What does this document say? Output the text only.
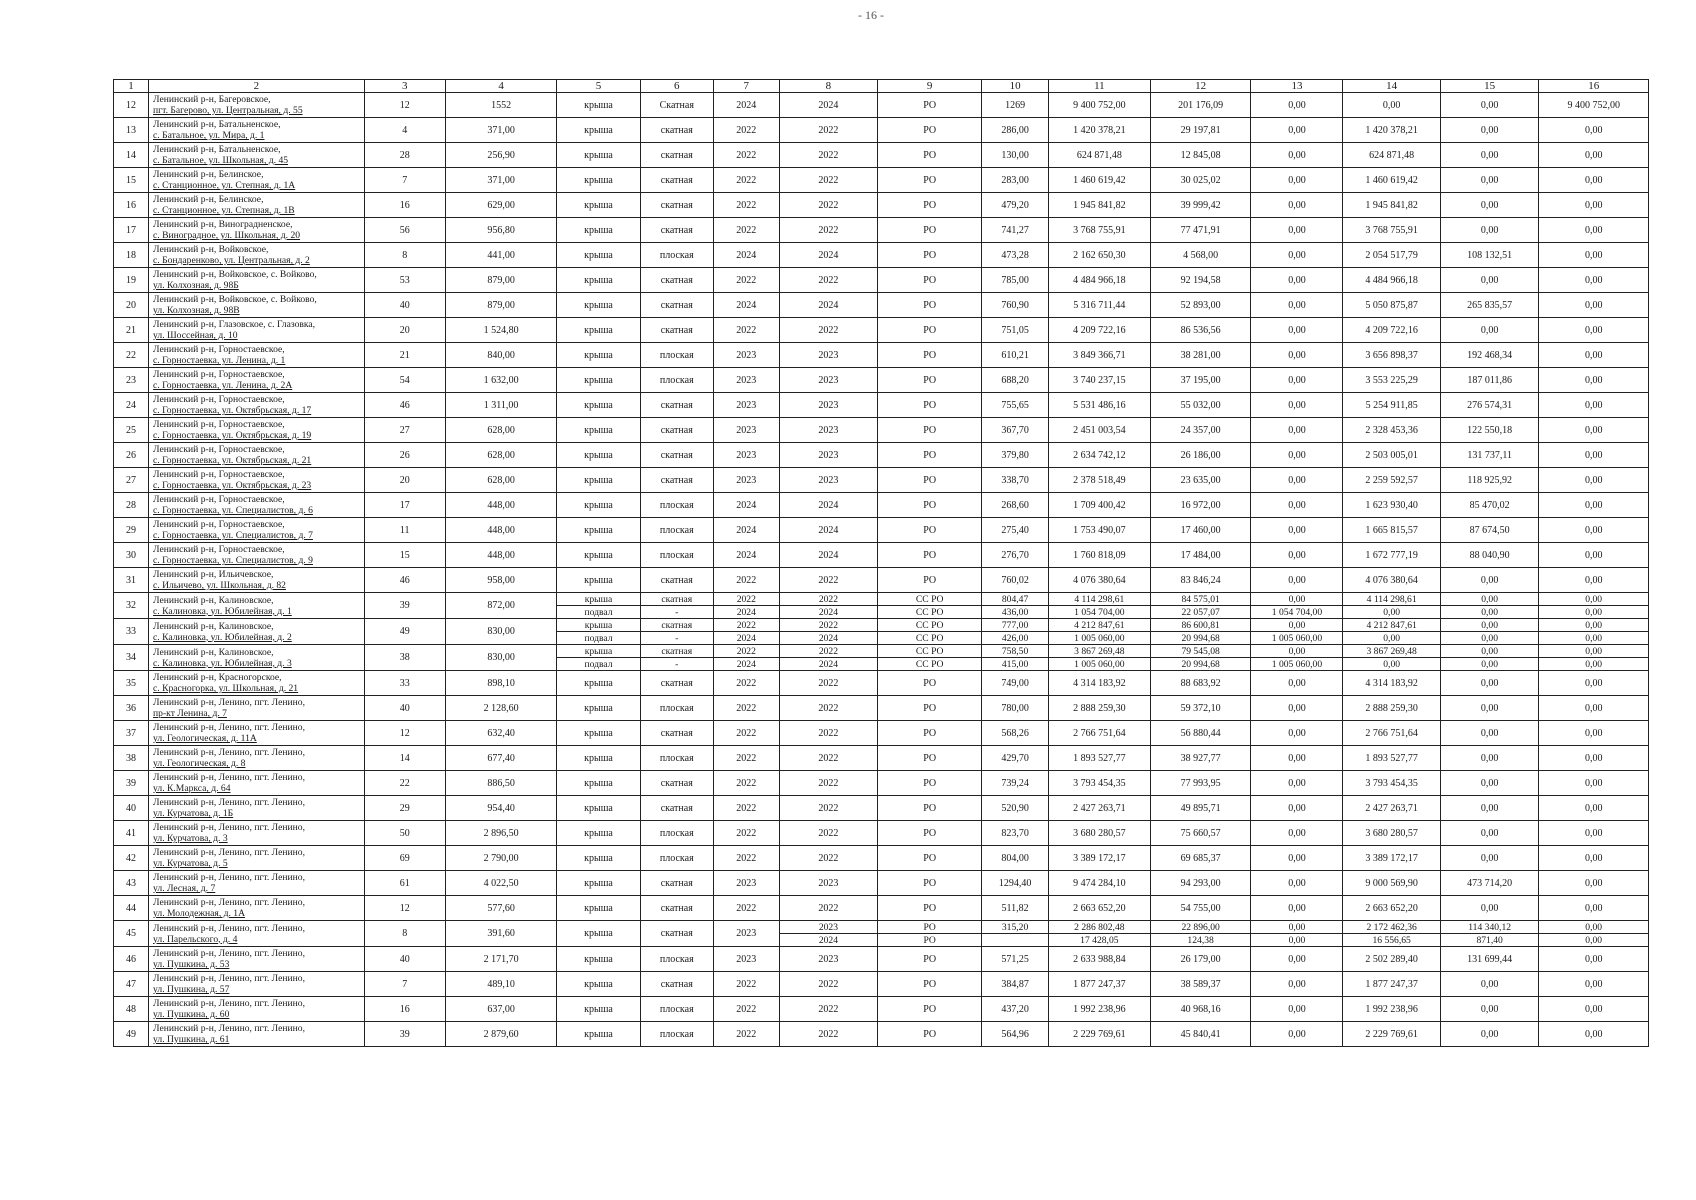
- 16 -
1	2	3	4	5	6	7	8	9	10	11	12	13	14	15	16
12	Ленинский р-н, Багеровское,
пгт. Багерово, ул. Центральная, д. 55	12	1552	крыша	Скатная	2024	2024	РО	1269	9 400 752,00	201 176,09	0,00	0,00	0,00	9 400 752,00
13	Ленинский р-н, Батальненское,
с. Батальное, ул. Мира, д. 1	4	371,00	крыша	скатная	2022	2022	РО	286,00	1 420 378,21	29 197,81	0,00	1 420 378,21	0,00	0,00
14	Ленинский р-н, Батальненское,
с. Батальное, ул. Школьная, д. 45	28	256,90	крыша	скатная	2022	2022	РО	130,00	624 871,48	12 845,08	0,00	624 871,48	0,00	0,00
15	Ленинский р-н, Белинское,
с. Станционное, ул. Степная, д. 1А	7	371,00	крыша	скатная	2022	2022	РО	283,00	1 460 619,42	30 025,02	0,00	1 460 619,42	0,00	0,00
16	Ленинский р-н, Белинское,
с. Станционное, ул. Степная, д. 1В	16	629,00	крыша	скатная	2022	2022	РО	479,20	1 945 841,82	39 999,42	0,00	1 945 841,82	0,00	0,00
17	Ленинский р-н, Виноградненское,
с. Виноградное, ул. Школьная, д. 20	56	956,80	крыша	скатная	2022	2022	РО	741,27	3 768 755,91	77 471,91	0,00	3 768 755,91	0,00	0,00
18	Ленинский р-н, Войковское,
с. Бондаренково, ул. Центральная, д. 2	8	441,00	крыша	плоская	2024	2024	РО	473,28	2 162 650,30	4 568,00	0,00	2 054 517,79	108 132,51	0,00
19	Ленинский р-н, Войковское, с. Войково,
ул. Колхозная, д. 98Б	53	879,00	крыша	скатная	2022	2022	РО	785,00	4 484 966,18	92 194,58	0,00	4 484 966,18	0,00	0,00
20	Ленинский р-н, Войковское, с. Войково,
ул. Колхозная, д. 98В	40	879,00	крыша	скатная	2024	2024	РО	760,90	5 316 711,44	52 893,00	0,00	5 050 875,87	265 835,57	0,00
21	Ленинский р-н, Глазовское, с. Глазовка,
ул. Шоссейная, д. 10	20	1 524,80	крыша	скатная	2022	2022	РО	751,05	4 209 722,16	86 536,56	0,00	4 209 722,16	0,00	0,00
22	Ленинский р-н, Горностаевское,
с. Горностаевка, ул. Ленина, д. 1	21	840,00	крыша	плоская	2023	2023	РО	610,21	3 849 366,71	38 281,00	0,00	3 656 898,37	192 468,34	0,00
23	Ленинский р-н, Горностаевское,
с. Горностаевка, ул. Ленина, д. 2А	54	1 632,00	крыша	плоская	2023	2023	РО	688,20	3 740 237,15	37 195,00	0,00	3 553 225,29	187 011,86	0,00
24	Ленинский р-н, Горностаевское,
с. Горностаевка, ул. Октябрьская, д. 17	46	1 311,00	крыша	скатная	2023	2023	РО	755,65	5 531 486,16	55 032,00	0,00	5 254 911,85	276 574,31	0,00
25	Ленинский р-н, Горностаевское,
с. Горностаевка, ул. Октябрьская, д. 19	27	628,00	крыша	скатная	2023	2023	РО	367,70	2 451 003,54	24 357,00	0,00	2 328 453,36	122 550,18	0,00
26	Ленинский р-н, Горностаевское,
с. Горностаевка, ул. Октябрьская, д. 21	26	628,00	крыша	скатная	2023	2023	РО	379,80	2 634 742,12	26 186,00	0,00	2 503 005,01	131 737,11	0,00
27	Ленинский р-н, Горностаевское,
с. Горностаевка, ул. Октябрьская, д. 23	20	628,00	крыша	скатная	2023	2023	РО	338,70	2 378 518,49	23 635,00	0,00	2 259 592,57	118 925,92	0,00
28	Ленинский р-н, Горностаевское,
с. Горностаевка, ул. Специалистов, д. 6	17	448,00	крыша	плоская	2024	2024	РО	268,60	1 709 400,42	16 972,00	0,00	1 623 930,40	85 470,02	0,00
29	Ленинский р-н, Горностаевское,
с. Горностаевка, ул. Специалистов, д. 7	11	448,00	крыша	плоская	2024	2024	РО	275,40	1 753 490,07	17 460,00	0,00	1 665 815,57	87 674,50	0,00
30	Ленинский р-н, Горностаевское,
с. Горностаевка, ул. Специалистов, д. 9	15	448,00	крыша	плоская	2024	2024	РО	276,70	1 760 818,09	17 484,00	0,00	1 672 777,19	88 040,90	0,00
31	Ленинский р-н, Ильичевское,
с. Ильичево, ул. Школьная, д. 82	46	958,00	крыша	скатная	2022	2022	РО	760,02	4 076 380,64	83 846,24	0,00	4 076 380,64	0,00	0,00
32	Ленинский р-н, Калиновское,
с. Калиновка, ул. Юбилейная, д. 1	39	872,00	крыша	скатная	2022	2022	СС РО	804,47	4 114 298,61	84 575,01	0,00	4 114 298,61	0,00	0,00
				подвал	-	2024	2024	СС РО	436,00	1 054 704,00	22 057,07	1 054 704,00	0,00	0,00	0,00
33	Ленинский р-н, Калиновское,
с. Калиновка, ул. Юбилейная, д. 2	49	830,00	крыша	скатная	2022	2022	СС РО	777,00	4 212 847,61	86 600,81	0,00	4 212 847,61	0,00	0,00
				подвал	-	2024	2024	СС РО	426,00	1 005 060,00	20 994,68	1 005 060,00	0,00	0,00	0,00
34	Ленинский р-н, Калиновское,
с. Калиновка, ул. Юбилейная, д. 3	38	830,00	крыша	скатная	2022	2022	СС РО	758,50	3 867 269,48	79 545,08	0,00	3 867 269,48	0,00	0,00
				подвал	-	2024	2024	СС РО	415,00	1 005 060,00	20 994,68	1 005 060,00	0,00	0,00	0,00
35	Ленинский р-н, Красногорское,
с. Красногорка, ул. Школьная, д. 21	33	898,10	крыша	скатная	2022	2022	РО	749,00	4 314 183,92	88 683,92	0,00	4 314 183,92	0,00	0,00
36	Ленинский р-н, Ленино, пгт. Ленино,
пр-кт Ленина, д. 7	40	2 128,60	крыша	плоская	2022	2022	РО	780,00	2 888 259,30	59 372,10	0,00	2 888 259,30	0,00	0,00
37	Ленинский р-н, Ленино, пгт. Ленино,
ул. Геологическая, д. 11А	12	632,40	крыша	скатная	2022	2022	РО	568,26	2 766 751,64	56 880,44	0,00	2 766 751,64	0,00	0,00
38	Ленинский р-н, Ленино, пгт. Ленино,
ул. Геологическая, д. 8	14	677,40	крыша	плоская	2022	2022	РО	429,70	1 893 527,77	38 927,77	0,00	1 893 527,77	0,00	0,00
39	Ленинский р-н, Ленино, пгт. Ленино,
ул. К.Маркса, д. 64	22	886,50	крыша	скатная	2022	2022	РО	739,24	3 793 454,35	77 993,95	0,00	3 793 454,35	0,00	0,00
40	Ленинский р-н, Ленино, пгт. Ленино,
ул. Курчатова, д. 1Б	29	954,40	крыша	скатная	2022	2022	РО	520,90	2 427 263,71	49 895,71	0,00	2 427 263,71	0,00	0,00
41	Ленинский р-н, Ленино, пгт. Ленино,
ул. Курчатова, д. 3	50	2 896,50	крыша	плоская	2022	2022	РО	823,70	3 680 280,57	75 660,57	0,00	3 680 280,57	0,00	0,00
42	Ленинский р-н, Ленино, пгт. Ленино,
ул. Курчатова, д. 5	69	2 790,00	крыша	плоская	2022	2022	РО	804,00	3 389 172,17	69 685,37	0,00	3 389 172,17	0,00	0,00
43	Ленинский р-н, Ленино, пгт. Ленино,
ул. Лесная, д. 7	61	4 022,50	крыша	скатная	2023	2023	РО	1294,40	9 474 284,10	94 293,00	0,00	9 000 569,90	473 714,20	0,00
44	Ленинский р-н, Ленино, пгт. Ленино,
ул. Молодежная, д. 1А	12	577,60	крыша	скатная	2022	2022	РО	511,82	2 663 652,20	54 755,00	0,00	2 663 652,20	0,00	0,00
45	Ленинский р-н, Ленино, пгт. Ленино,
ул. Парельского, д. 4	8	391,60	крыша	скатная	2023	2023	РО	315,20	2 286 802,48	22 896,00	0,00	2 172 462,36	114 340,12	0,00
							2024	РО		17 428,05	124,38	0,00	16 556,65	871,40	0,00
46	Ленинский р-н, Ленино, пгт. Ленино,
ул. Пушкина, д. 53	40	2 171,70	крыша	плоская	2023	2023	РО	571,25	2 633 988,84	26 179,00	0,00	2 502 289,40	131 699,44	0,00
47	Ленинский р-н, Ленино, пгт. Ленино,
ул. Пушкина, д. 57	7	489,10	крыша	скатная	2022	2022	РО	384,87	1 877 247,37	38 589,37	0,00	1 877 247,37	0,00	0,00
48	Ленинский р-н, Ленино, пгт. Ленино,
ул. Пушкина, д. 60	16	637,00	крыша	плоская	2022	2022	РО	437,20	1 992 238,96	40 968,16	0,00	1 992 238,96	0,00	0,00
49	Ленинский р-н, Ленино, пгт. Ленино,
ул. Пушкина, д. 61	39	2 879,60	крыша	плоская	2022	2022	РО	564,96	2 229 769,61	45 840,41	0,00	2 229 769,61	0,00	0,00
